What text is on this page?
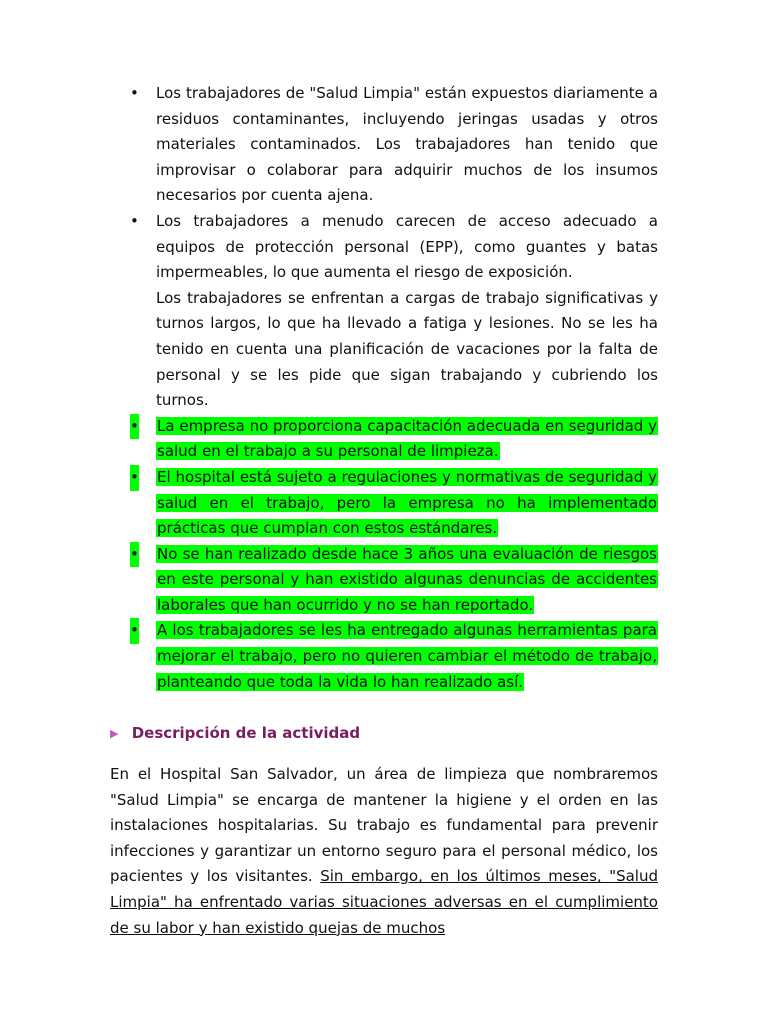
• Los trabajadores de "Salud Limpia" están expuestos diariamente a residuos contaminantes, incluyendo jeringas usadas y otros materiales contaminados. Los trabajadores han tenido que improvisar o colaborar para adquirir muchos de los insumos necesarios por cuenta ajena.
• Los trabajadores a menudo carecen de acceso adecuado a equipos de protección personal (EPP), como guantes y batas impermeables, lo que aumenta el riesgo de exposición.
Los trabajadores se enfrentan a cargas de trabajo significativas y turnos largos, lo que ha llevado a fatiga y lesiones. No se les ha tenido en cuenta una planificación de vacaciones por la falta de personal y se les pide que sigan trabajando y cubriendo los turnos.
• La empresa no proporciona capacitación adecuada en seguridad y salud en el trabajo a su personal de limpieza.
• El hospital está sujeto a regulaciones y normativas de seguridad y salud en el trabajo, pero la empresa no ha implementado prácticas que cumplan con estos estándares.
• No se han realizado desde hace 3 años una evaluación de riesgos en este personal y han existido algunas denuncias de accidentes laborales que han ocurrido y no se han reportado.
• A los trabajadores se les ha entregado algunas herramientas para mejorar el trabajo, pero no quieren cambiar el método de trabajo, planteando que toda la vida lo han realizado así.
▶ Descripción de la actividad

En el Hospital San Salvador, un área de limpieza que nombraremos "Salud Limpia" se encarga de mantener la higiene y el orden en las instalaciones hospitalarias. Su trabajo es fundamental para prevenir infecciones y garantizar un entorno seguro para el personal médico, los pacientes y los visitantes. Sin embargo, en los últimos meses, "Salud Limpia" ha enfrentado varias situaciones adversas en el cumplimiento de su labor y han existido quejas de muchos
